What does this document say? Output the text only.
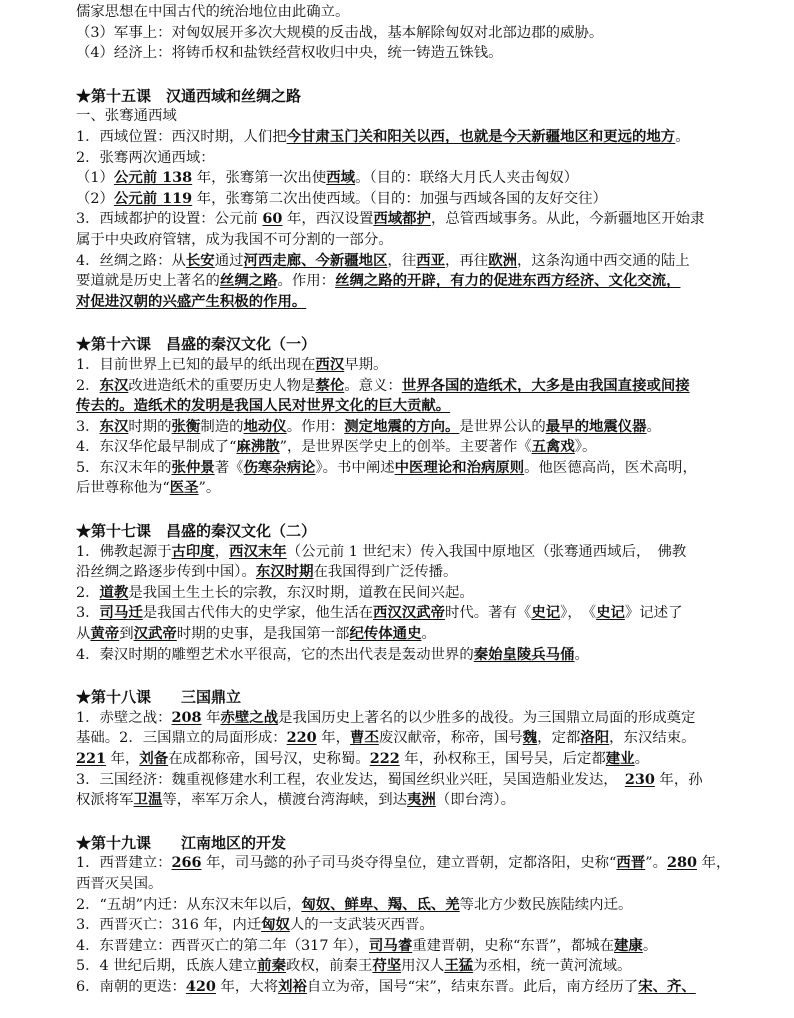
儒家思想在中国古代的统治地位由此确立。
（3）军事上：对匈奴展开多次大规模的反击战，基本解除匈奴对北部边郡的威胁。
（4）经济上：将铸币权和盐铁经营权收归中央，统一铸造五铢钱。
★第十五课　汉通西域和丝绸之路
一、张骞通西域
1．西域位置：西汉时期，人们把今甘肃玉门关和阳关以西，也就是今天新疆地区和更远的地方。
2．张骞两次通西域：
（1）公元前 138 年，张骞第一次出使西域。（目的：联络大月氏人夹击匈奴）
（2）公元前 119 年，张骞第二次出使西域。（目的：加强与西域各国的友好交往）
3．西域都护的设置：公元前 60 年，西汉设置西域都护，总管西域事务。从此，今新疆地区开始隶
属于中央政府管辖，成为我国不可分割的一部分。
4．丝绸之路：从长安通过河西走廊、今新疆地区，往西亚，再往欧洲，这条沟通中西交通的陆上
要道就是历史上著名的丝绸之路。作用：丝绸之路的开辟，有力的促进东西方经济、文化交流，
对促进汉朝的兴盛产生积极的作用。
★第十六课　昌盛的秦汉文化（一）
1．目前世界上已知的最早的纸出现在西汉早期。
2．东汉改进造纸术的重要历史人物是蔡伦。意义：世界各国的造纸术，大多是由我国直接或间接
传去的。造纸术的发明是我国人民对世界文化的巨大贡献。
3．东汉时期的张衡制造的地动仪。作用：测定地震的方向。是世界公认的最早的地震仪器。
4．东汉华佗最早制成了“麻沸散”，是世界医学史上的创举。主要著作《五禽戏》。
5．东汉末年的张仲景著《伤寒杂病论》。书中阐述中医理论和治病原则。他医德高尚，医术高明，
后世尊称他为“医圣”。
★第十七课　昌盛的秦汉文化（二）
1．佛教起源于古印度，西汉末年（公元前 1 世纪末）传入我国中原地区（张骞通西域后，　佛教
沿丝绸之路逐步传到中国）。东汉时期在我国得到广泛传播。
2．道教是我国土生土长的宗教，东汉时期，道教在民间兴起。
3．司马迁是我国古代伟大的史学家，他生活在西汉汉武帝时代。著有《史记》，　《史记》记述了
从黄帝到汉武帝时期的史事，是我国第一部纪传体通史。
4．秦汉时期的雕塑艺术水平很高，它的杰出代表是轰动世界的秦始皇陵兵马俑。
★第十八课　　三国鼎立
1．赤壁之战：208 年赤壁之战是我国历史上著名的以少胜多的战役。为三国鼎立局面的形成奠定
基础。2．三国鼎立的局面形成：220 年，曹丕废汉献帝，称帝，国号魏，定都洛阳，东汉结束。
221 年，刘备在成都称帝，国号汉，史称蜀。222 年，孙权称王，国号吴，后定都建业。
3．三国经济：魏重视修建水利工程，农业发达，蜀国丝织业兴旺，吴国造船业发达，　230 年，孙
权派将军卫温等，率军万余人，横渡台湾海峡，到达夷洲（即台湾）。
★第十九课　　江南地区的开发
1．西晋建立：266 年，司马懿的孙子司马炎夺得皇位，建立晋朝，定都洛阳，史称“西晋”。280 年，
西晋灭吴国。
2．“五胡”内迁：从东汉末年以后，匈奴、鲜卑、羯、氐、羌等北方少数民族陆续内迁。
3．西晋灭亡：316 年，内迁匈奴人的一支武装灭西晋。
4．东晋建立：西晋灭亡的第二年（317 年），司马睿重建晋朝，史称“东晋”，都城在建康。
5．4 世纪后期，氐族人建立前秦政权，前秦王苻坚用汉人王猛为丞相，统一黄河流域。
6．南朝的更迭：420 年，大将刘裕自立为帝，国号“宋”，结束东晋。此后，南方经历了宋、齐、
